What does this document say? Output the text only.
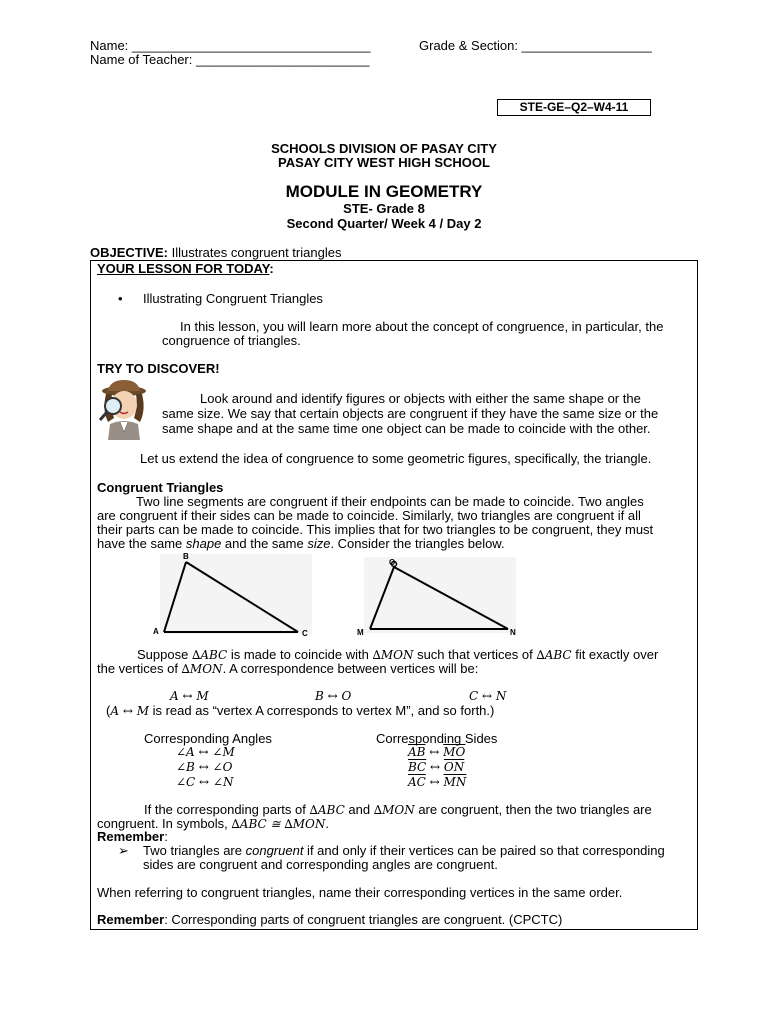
Name: _________________________________	Grade & Section: __________________
Name of Teacher: ________________________
STE-GE–Q2–W4-11
SCHOOLS DIVISION OF PASAY CITY
PASAY CITY WEST HIGH SCHOOL
MODULE IN GEOMETRY
STE- Grade 8
Second Quarter/ Week 4 / Day 2
OBJECTIVE: Illustrates congruent triangles
YOUR LESSON FOR TODAY:
• Illustrating Congruent Triangles
In this lesson, you will learn more about the concept of congruence, in particular, the
congruence of triangles.
TRY TO DISCOVER!
Look around and identify figures or objects with either the same shape or the
same size. We say that certain objects are congruent if they have the same size or the
same shape and at the same time one object can be made to coincide with the other.
Let us extend the idea of congruence to some geometric figures, specifically, the triangle.
Congruent Triangles
Two line segments are congruent if their endpoints can be made to coincide. Two angles
are congruent if their sides can be made to coincide. Similarly, two triangles are congruent if all
their parts can be made to coincide. This implies that for two triangles to be congruent, they must
have the same shape and the same size. Consider the triangles below.
B
A	C
O
M	N
Suppose ∆ABC is made to coincide with ∆MON such that vertices of ∆ABC fit exactly over
the vertices of ∆MON. A correspondence between vertices will be:
A ↔ M	B ↔ O	C ↔ N
(A ↔ M is read as “vertex A corresponds to vertex M”, and so forth.)
Corresponding Angles
∠A ↔ ∠M
∠B ↔ ∠O
∠C ↔ ∠N
Corresponding Sides
$\overline{AB}$ ↔ $\overline{MO}$
$\overline{BC}$ ↔ $\overline{ON}$
$\overline{AC}$ ↔ $\overline{MN}$
If the corresponding parts of ∆ABC and ∆MON are congruent, then the two triangles are
congruent. In symbols, ∆ABC ≅ ∆MON.
Remember:
➢ Two triangles are congruent if and only if their vertices can be paired so that corresponding
sides are congruent and corresponding angles are congruent.
When referring to congruent triangles, name their corresponding vertices in the same order.
Remember: Corresponding parts of congruent triangles are congruent. (CPCTC)
